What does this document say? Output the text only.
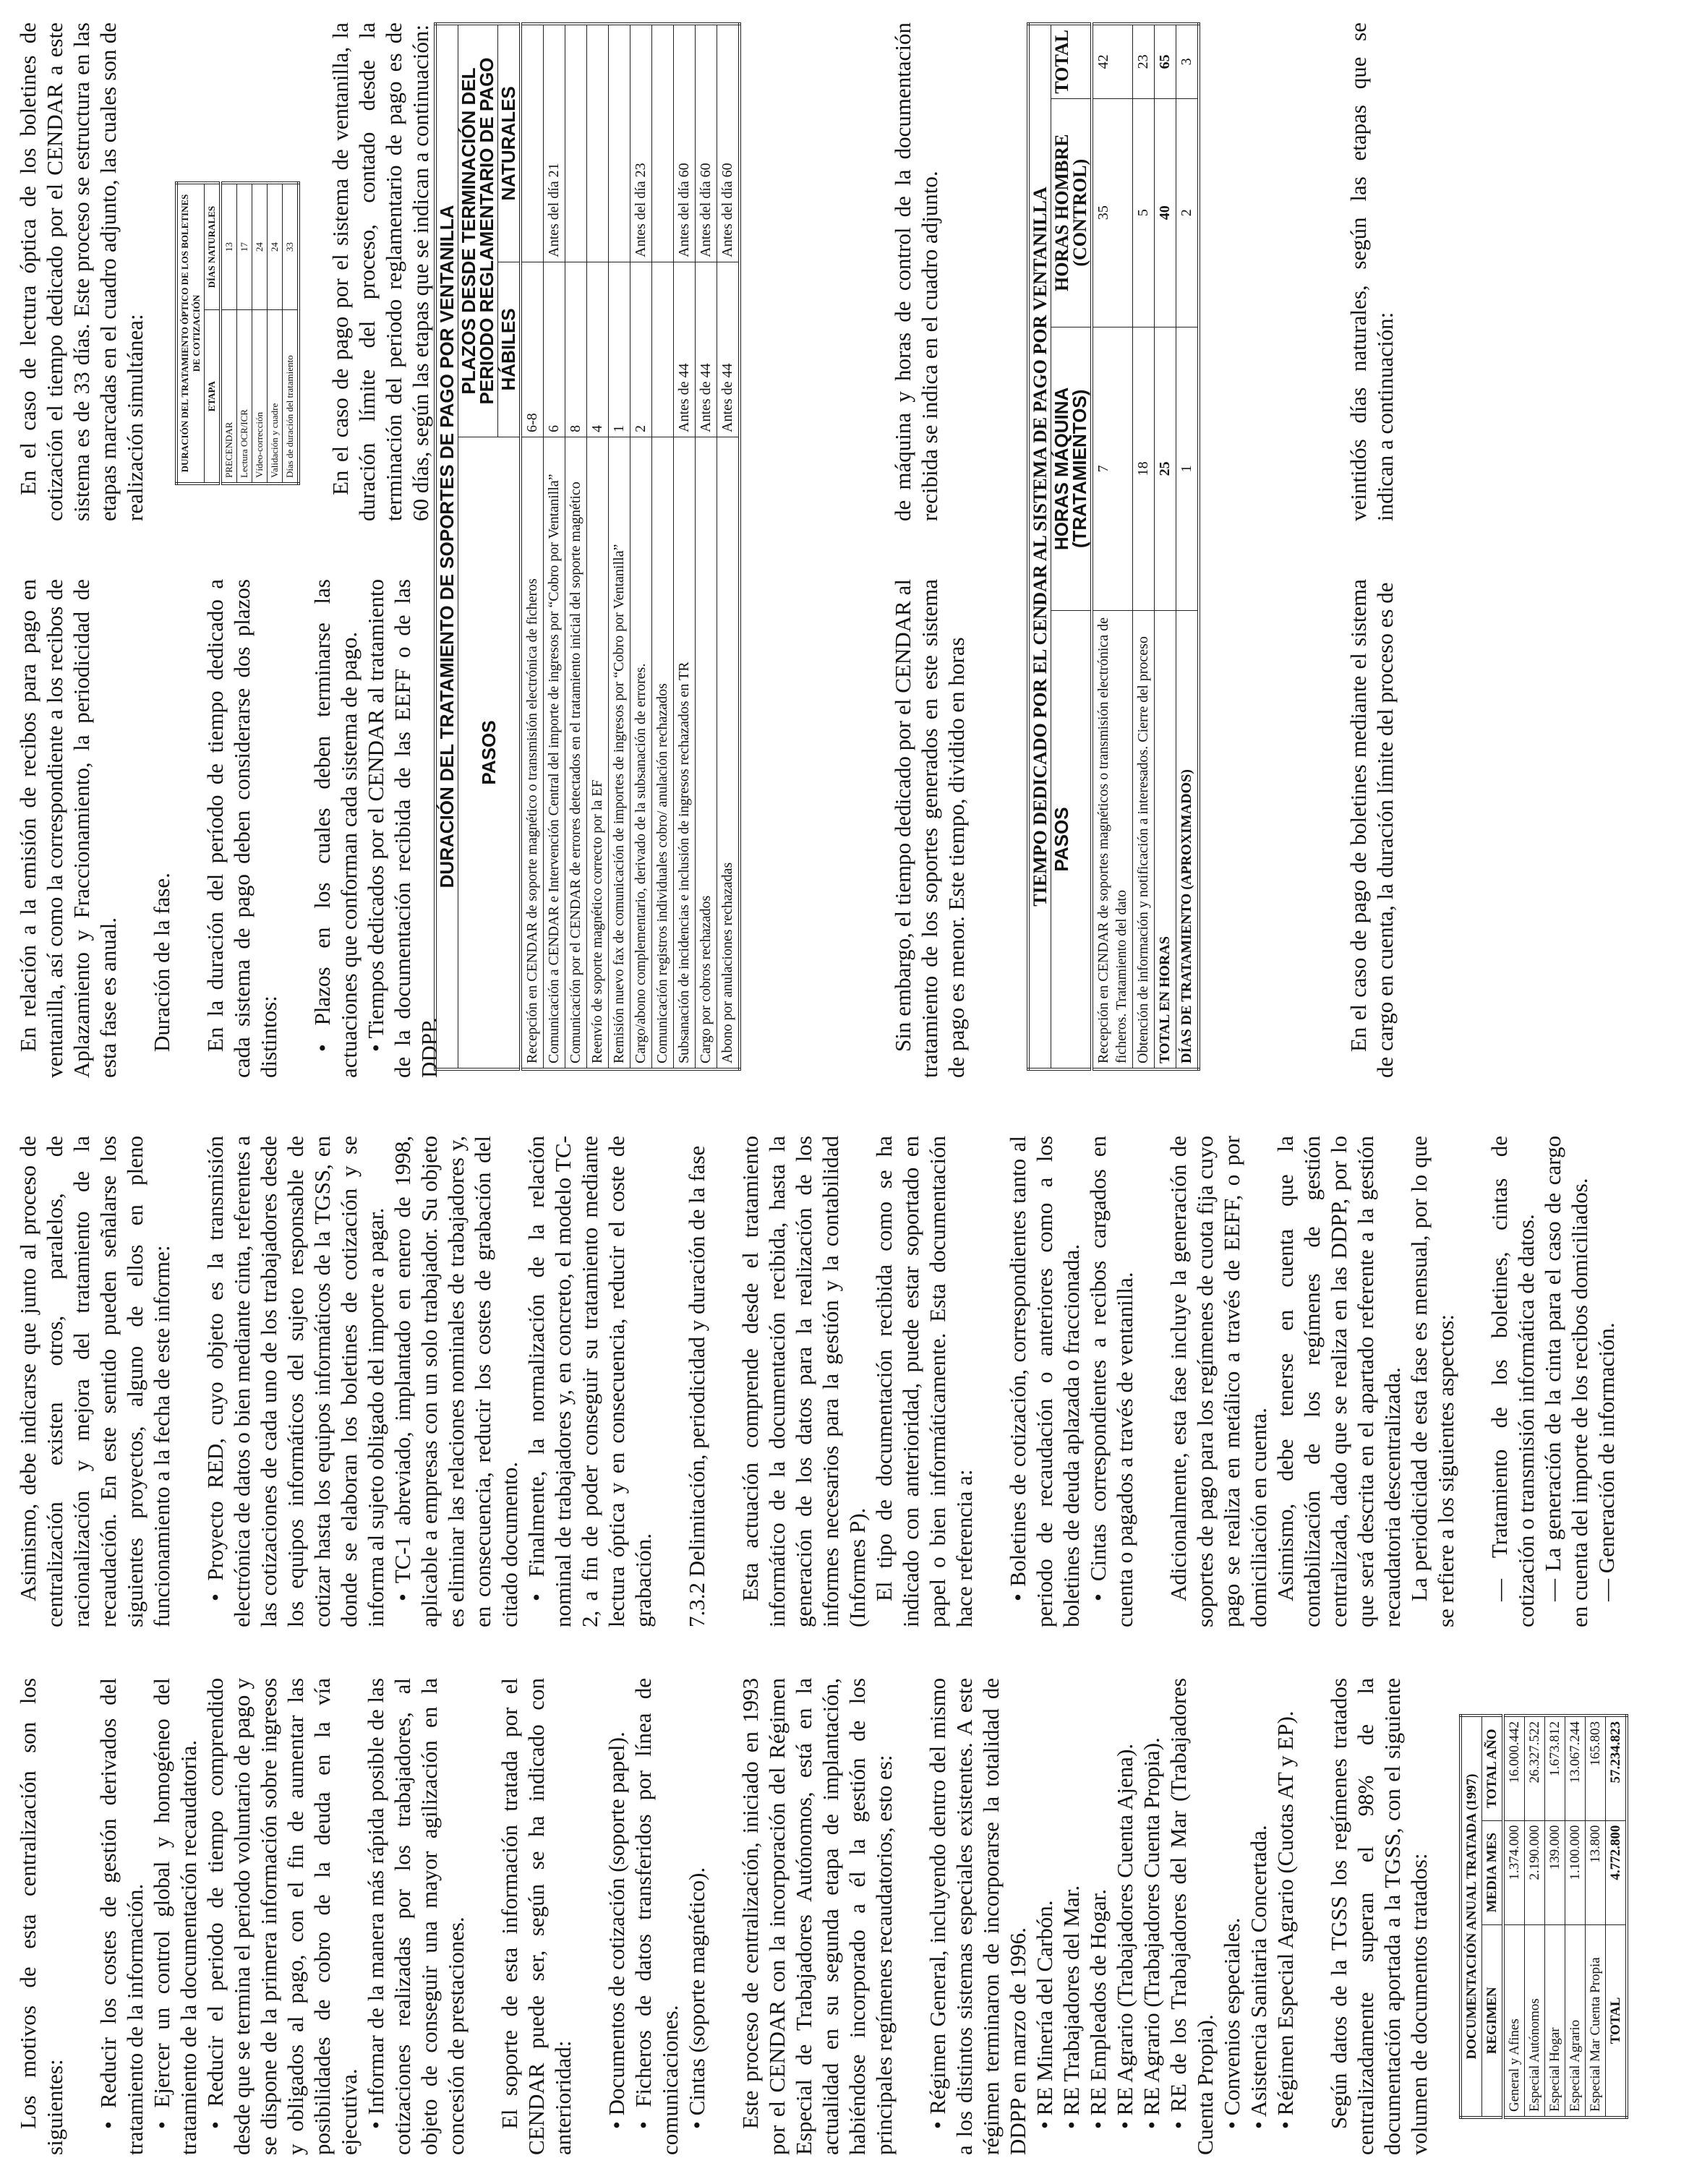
Los motivos de esta centralización son los siguientes: • Reducir los costes de gestión derivados del tratamiento de la información. • Ejercer un control global y homogéneo del tratamiento de la documentación recaudatoria. • Reducir el periodo de tiempo comprendido desde que se termina el periodo voluntario de pago y se dispone de la primera información sobre ingresos y obligados al pago, con el fin de aumentar las posibilidades de cobro de la deuda en la vía ejecutiva. • Informar de la manera más rápida posible de las cotizaciones realizadas por los trabajadores, al objeto de conseguir una mayor agilización en la concesión de prestaciones. El soporte de esta información tratada por el CENDAR puede ser, según se ha indicado con anterioridad: • Documentos de cotización (soporte papel). • Ficheros de datos transferidos por línea de comunicaciones. • Cintas (soporte magnético). Este proceso de centralización, iniciado en 1993 por el CENDAR con la incorporación del Régimen Especial de Trabajadores Autónomos, está en la actualidad en su segunda etapa de implantación, habiéndose incorporado a él la gestión de los principales regímenes recaudatorios, esto es: • Régimen General, incluyendo dentro del mismo a los distintos sistemas especiales existentes. A este régimen terminaron de incorporarse la totalidad de DDPP en marzo de 1996. • RE Minería del Carbón. • RE Trabajadores del Mar. • RE Empleados de Hogar. • RE Agrario (Trabajadores Cuenta Ajena). • RE Agrario (Trabajadores Cuenta Propia). • RE de los Trabajadores del Mar (Trabajadores Cuenta Propia). • Convenios especiales. • Asistencia Sanitaria Concertada. • Régimen Especial Agrario (Cuotas AT y EP). Según datos de la TGSS los regímenes tratados centralizadamente superan el 98% de la documentación aportada a la TGSS, con el siguiente volumen de documentos tratados: DOCUMENTACIÓN ANUAL TRATADA (1997)		
REGIMEN	MEDIA MES	TOTAL AÑO
General y Afines	1.374.000	16.000.442
Especial Autónomos	2.190.000	26.327.522
Especial Hogar	139.000	1.673.812
Especial Agrario	1.100.000	13.067.244
Especial Mar Cuenta Propia	13.800	165.803
TOTAL	4.772.800	57.234.823

Asimismo, debe indicarse que junto al proceso de centralización existen otros, paralelos, de racionalización y mejora del tratamiento de la recaudación. En este sentido pueden señalarse los siguientes proyectos, alguno de ellos en pleno funcionamiento a la fecha de este informe: • Proyecto RED, cuyo objeto es la transmisión electrónica de datos o bien mediante cinta, referentes a las cotizaciones de cada uno de los trabajadores desde los equipos informáticos del sujeto responsable de cotizar hasta los equipos informáticos de la TGSS, en donde se elaboran los boletines de cotización y se informa al sujeto obligado del importe a pagar. • TC-1 abreviado, implantado en enero de 1998, aplicable a empresas con un solo trabajador. Su objeto es eliminar las relaciones nominales de trabajadores y, en consecuencia, reducir los costes de grabación del citado documento. • Finalmente, la normalización de la relación nominal de trabajadores y, en concreto, el modelo TC-2, a fin de poder conseguir su tratamiento mediante lectura óptica y en consecuencia, reducir el coste de grabación. 7.3.2 Delimitación, periodicidad y duración de la fase Esta actuación comprende desde el tratamiento informático de la documentación recibida, hasta la generación de los datos para la realización de los informes necesarios para la gestión y la contabilidad (Informes P). El tipo de documentación recibida como se ha indicado con anterioridad, puede estar soportado en papel o bien informáticamente. Esta documentación hace referencia a: • Boletines de cotización, correspondientes tanto al periodo de recaudación o anteriores como a los boletines de deuda aplazada o fraccionada. • Cintas correspondientes a recibos cargados en cuenta o pagados a través de ventanilla. Adicionalmente, esta fase incluye la generación de soportes de pago para los regímenes de cuota fija cuyo pago se realiza en metálico a través de EEFF, o por domiciliación en cuenta. Asimismo, debe tenerse en cuenta que la contabilización de los regímenes de gestión centralizada, dado que se realiza en las DDPP, por lo que será descrita en el apartado referente a la gestión recaudatoria descentralizada. La periodicidad de esta fase es mensual, por lo que se refiere a los siguientes aspectos: — Tratamiento de los boletines, cintas de cotización o transmisión informática de datos. — La generación de la cinta para el caso de cargo en cuenta del importe de los recibos domiciliados. — Generación de información.

En relación a la emisión de recibos para pago en ventanilla, así como la correspondiente a los recibos de Aplazamiento y Fraccionamiento, la periodicidad de esta fase es anual. Duración de la fase. En la duración del período de tiempo dedicado a cada sistema de pago deben considerarse dos plazos distintos:

• Plazos en los cuales deben terminarse las actuaciones que conforman cada sistema de pago. • Tiempos dedicados por el CENDAR al tratamiento de la documentación recibida de las EEFF o de las DDPP.

En el caso de lectura óptica de los boletines de cotización el tiempo dedicado por el CENDAR a este sistema es de 33 días. Este proceso se estructura en las etapas marcadas en el cuadro adjunto, las cuales son de realización simultánea:	DURACIÓN DEL TRATAMIENTO ÓPTICO DE LOS BOLETINES DE COTIZACIÓN	
ETAPA	DÍAS NATURALES
PRECENDAR	13
Lectura OCR/ICR	17
Vídeo-corrección	24
Validación y cuadre	24
Días de duración del tratamiento	33 En el caso de pago por el sistema de ventanilla, la duración límite del proceso, contado desde la terminación del periodo reglamentario de pago es de 60 días, según las etapas que se indican a continuación: DURACIÓN DEL TRATAMIENTO DE SOPORTES DE PAGO POR VENTANILLA		
PASOS	PLAZOS DESDE TERMINACIÓN DEL PERIODO REGLAMENTARIO DE PAGO	
	HÁBILES	NATURALES
Recepción en CENDAR de soporte magnético o transmisión electrónica de ficheros	6-8	
Comunicación a CENDAR e Intervención Central del importe de ingresos por “Cobro por Ventanilla”	6	Antes del día 21
Comunicación por el CENDAR de errores detectados en el tratamiento inicial del soporte magnético	8	
Reenvío de soporte magnético correcto por la EF	4	
Remisión nuevo fax de comunicación de importes de ingresos por “Cobro por Ventanilla”	1	
Cargo/abono complementario, derivado de la subsanación de errores.	2	Antes del día 23
Comunicación registros individuales cobro/ anulación rechazados		
Subsanación de incidencias e inclusión de ingresos rechazados en TR	Antes de 44	Antes del día 60
Cargo por cobros rechazados	Antes de 44	Antes del día 60
Abono por anulaciones rechazadas	Antes de 44	Antes del día 60

Sin embargo, el tiempo dedicado por el CENDAR al tratamiento de los soportes generados en este sistema de pago es menor. Este tiempo, dividido en horas

de máquina y horas de control de la documentación recibida se indica en el cuadro adjunto.	TIEMPO DEDICADO POR EL CENDAR AL SISTEMA DE PAGO POR VENTANILLA			
PASOS	HORAS MÁQUINA (TRATAMIENTOS)	HORAS HOMBRE (CONTROL)	TOTAL
Recepción en CENDAR de soportes magnéticos o transmisión electrónica de ficheros. Tratamiento del dato	7	35	42
Obtención de información y notificación a interesados. Cierre del proceso	18	5	23
TOTAL EN HORAS	25	40	65
DÍAS DE TRATAMIENTO (APROXIMADOS)	1	2	3

En el caso de pago de boletines mediante el sistema de cargo en cuenta, la duración límite del proceso es de

veintidós días naturales, según las etapas que se indican a continuación:
